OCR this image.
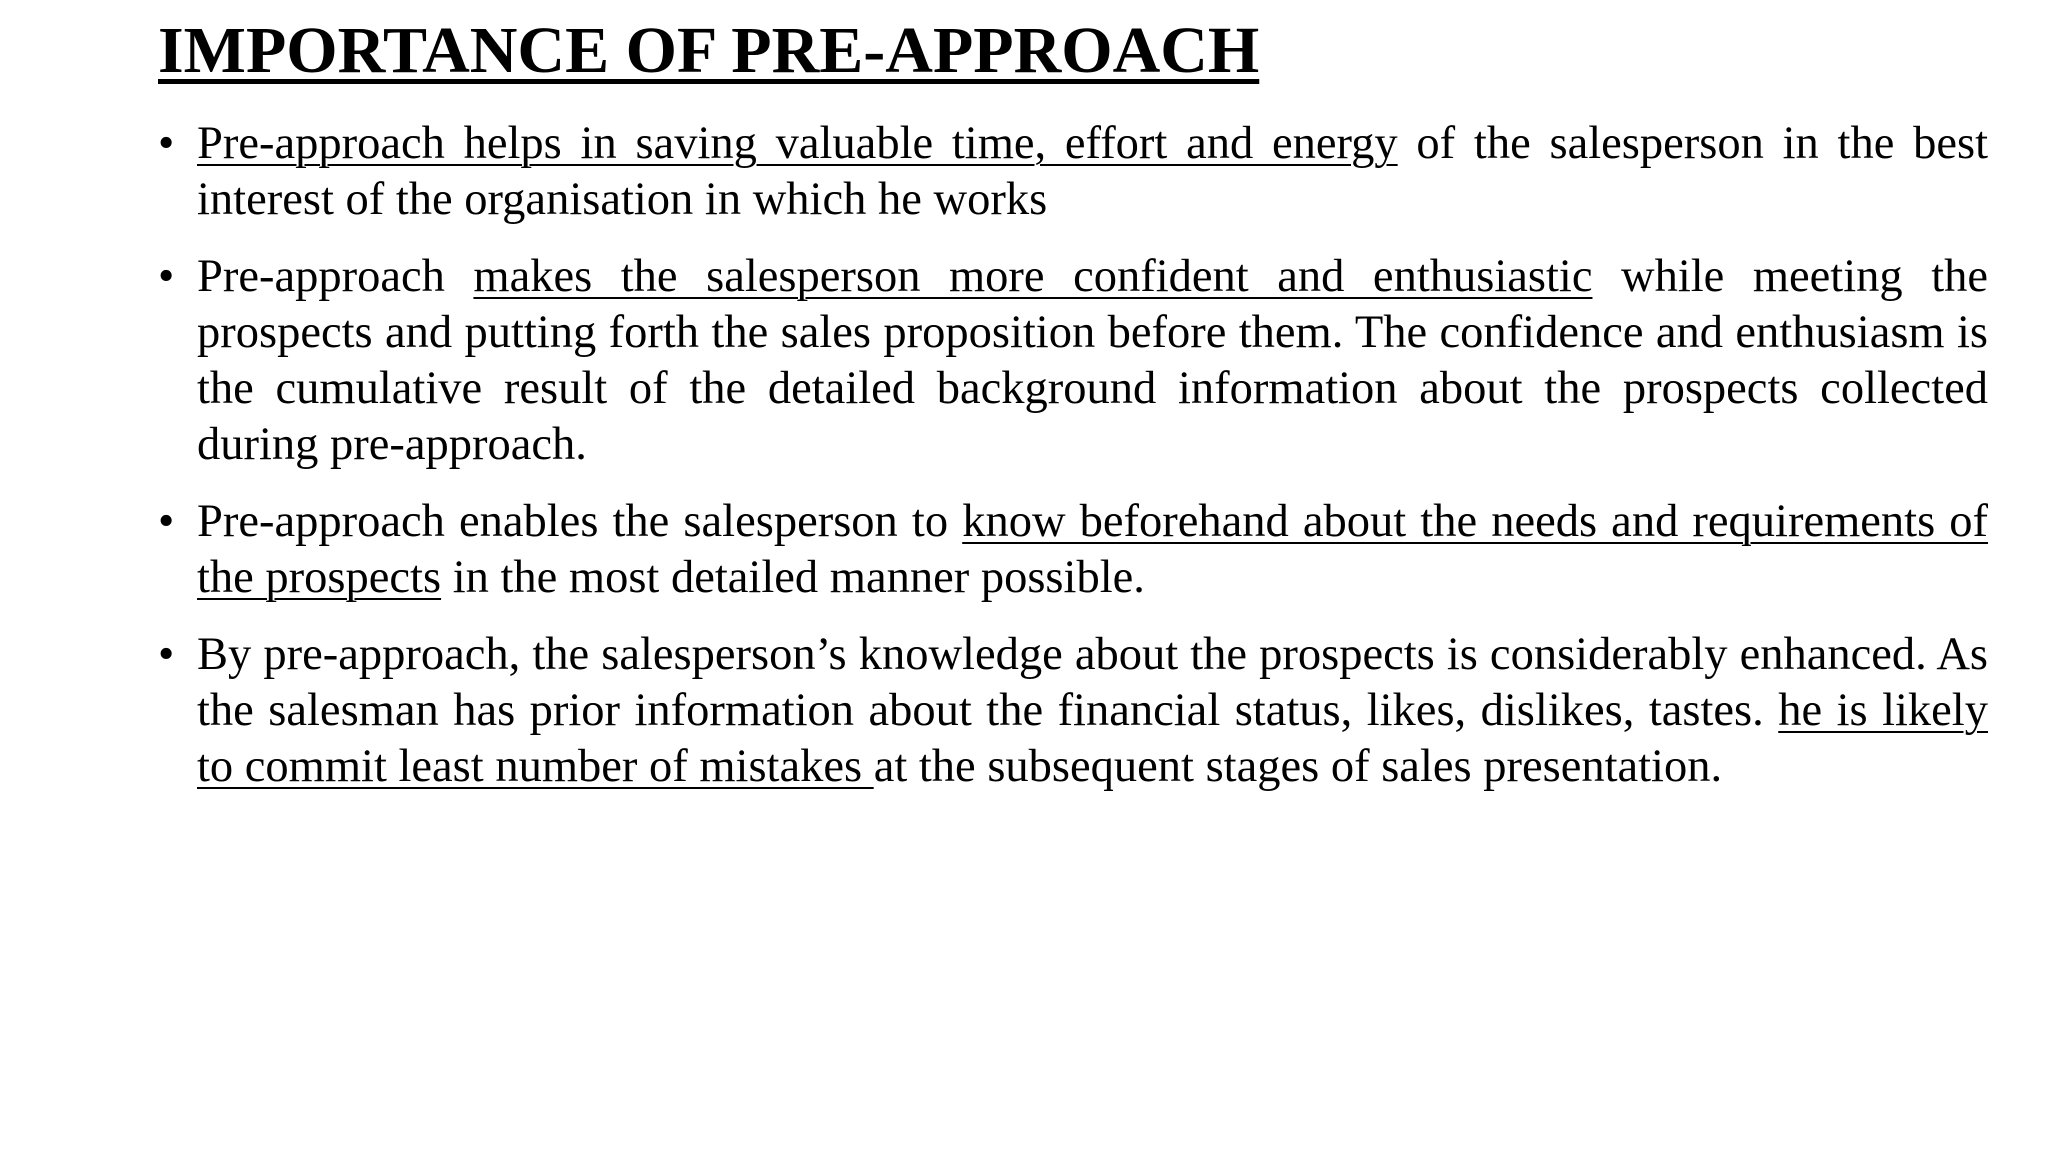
IMPORTANCE OF PRE-APPROACH
• Pre-approach helps in saving valuable time, effort and energy of the salesperson in the best interest of the organisation in which he works
• Pre-approach makes the salesperson more confident and enthusiastic while meeting the prospects and putting forth the sales proposition before them. The confidence and enthusiasm is the cumulative result of the detailed background information about the prospects collected during pre-approach.
• Pre-approach enables the salesperson to know beforehand about the needs and requirements of the prospects in the most detailed manner possible.
• By pre-approach, the salesperson’s knowledge about the prospects is considerably enhanced. As the salesman has prior information about the financial status, likes, dislikes, tastes. he is likely to commit least number of mistakes at the subsequent stages of sales presentation.
